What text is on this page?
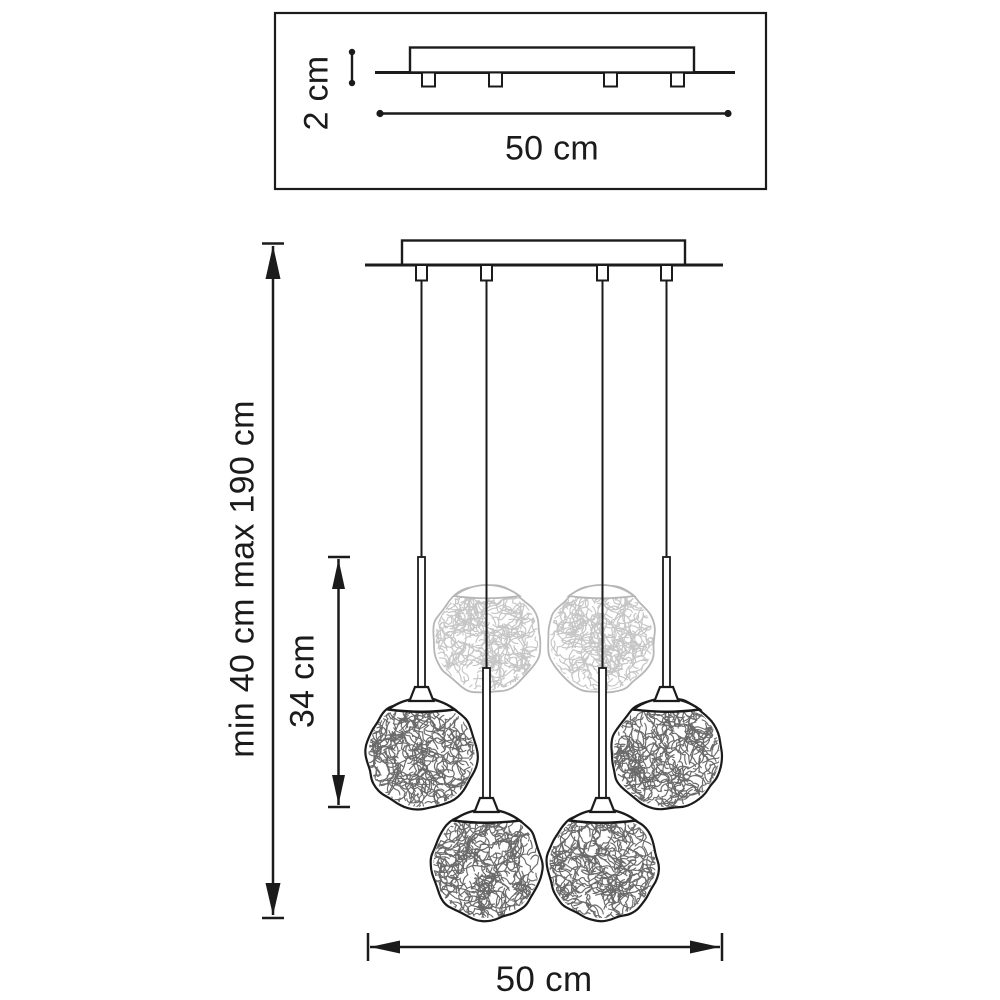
2 cm
50 cm
min 40 cm max 190 cm 34 cm
50 cm
